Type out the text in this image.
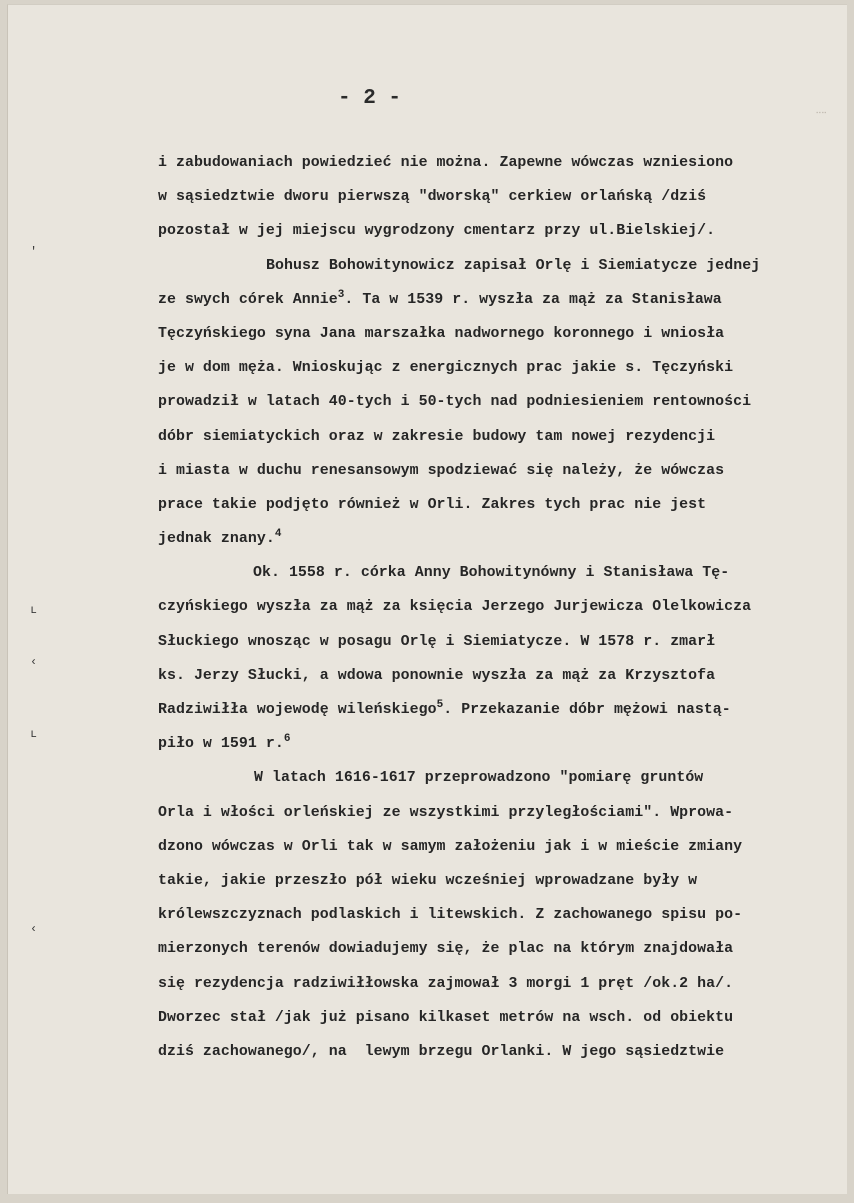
- 2 -
⁞
'
ʟ
‹
ʟ
‹
i zabudowaniach powiedzieć nie można. Zapewne wówczas wzniesiono
w sąsiedztwie dworu pierwszą "dworską" cerkiew orlańską /dziś
pozostał w jej miejscu wygrodzony cmentarz przy ul.Bielskiej/.
Bohusz Bohowitynowicz zapisał Orlę i Siemiatycze jednej
ze swych córek Annie$^3$. Ta w 1539 r. wyszła za mąż za Stanisława
Tęczyńskiego syna Jana marszałka nadwornego koronnego i wniosła
je w dom męża. Wnioskując z energicznych prac jakie s. Tęczyński
prowadził w latach 40-tych i 50-tych nad podniesieniem rentowności
dóbr siemiatyckich oraz w zakresie budowy tam nowej rezydencji
i miasta w duchu renesansowym spodziewać się należy, że wówczas
prace takie podjęto również w Orli. Zakres tych prac nie jest
jednak znany.$^4$
Ok. 1558 r. córka Anny Bohowitynówny i Stanisława Tę-
czyńskiego wyszła za mąż za księcia Jerzego Jurjewicza Olelkowicza
Słuckiego wnosząc w posagu Orlę i Siemiatycze. W 1578 r. zmarł
ks. Jerzy Słucki, a wdowa ponownie wyszła za mąż za Krzysztofa
Radziwiłła wojewodę wileńskiego$^5$. Przekazanie dóbr mężowi nastą-
piło w 1591 r.$^6$
W latach 1616-1617 przeprowadzono "pomiarę gruntów
Orla i włości orleńskiej ze wszystkimi przyległościami". Wprowa-
dzono wówczas w Orli tak w samym założeniu jak i w mieście zmiany
takie, jakie przeszło pół wieku wcześniej wprowadzane były w
królewszczyznach podlaskich i litewskich. Z zachowanego spisu po-
mierzonych terenów dowiadujemy się, że plac na którym znajdowała
się rezydencja radziwiłłowska zajmował 3 morgi 1 pręt /ok.2 ha/.
Dworzec stał /jak już pisano kilkaset metrów na wsch. od obiektu
dziś zachowanego/, na  lewym brzegu Orlanki. W jego sąsiedztwie
